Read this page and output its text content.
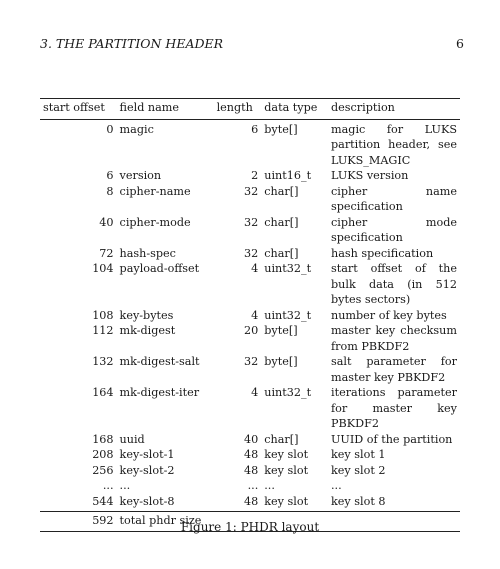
3. THE PARTITION HEADER	6
start offset	field name	length	data type	description
0	magic	6	byte[]	magic for LUKS partition header, see LUKS_MAGIC
6	version	2	uint16_t	LUKS version
8	cipher-name	32	char[]	cipher name specification
40	cipher-mode	32	char[]	cipher mode specification
72	hash-spec	32	char[]	hash specification
104	payload-offset	4	uint32_t	start offset of the bulk data (in 512 bytes sectors)
108	key-bytes	4	uint32_t	number of key bytes
112	mk-digest	20	byte[]	master key checksum from PBKDF2
132	mk-digest-salt	32	byte[]	salt parameter for master key PBKDF2
164	mk-digest-iter	4	uint32_t	iterations parameter for master key PBKDF2
168	uuid	40	char[]	UUID of the partition
208	key-slot-1	48	key slot	key slot 1
256	key-slot-2	48	key slot	key slot 2
...	...	...	...	...
544	key-slot-8	48	key slot	key slot 8
592	total phdr size			
Figure 1: PHDR layout
